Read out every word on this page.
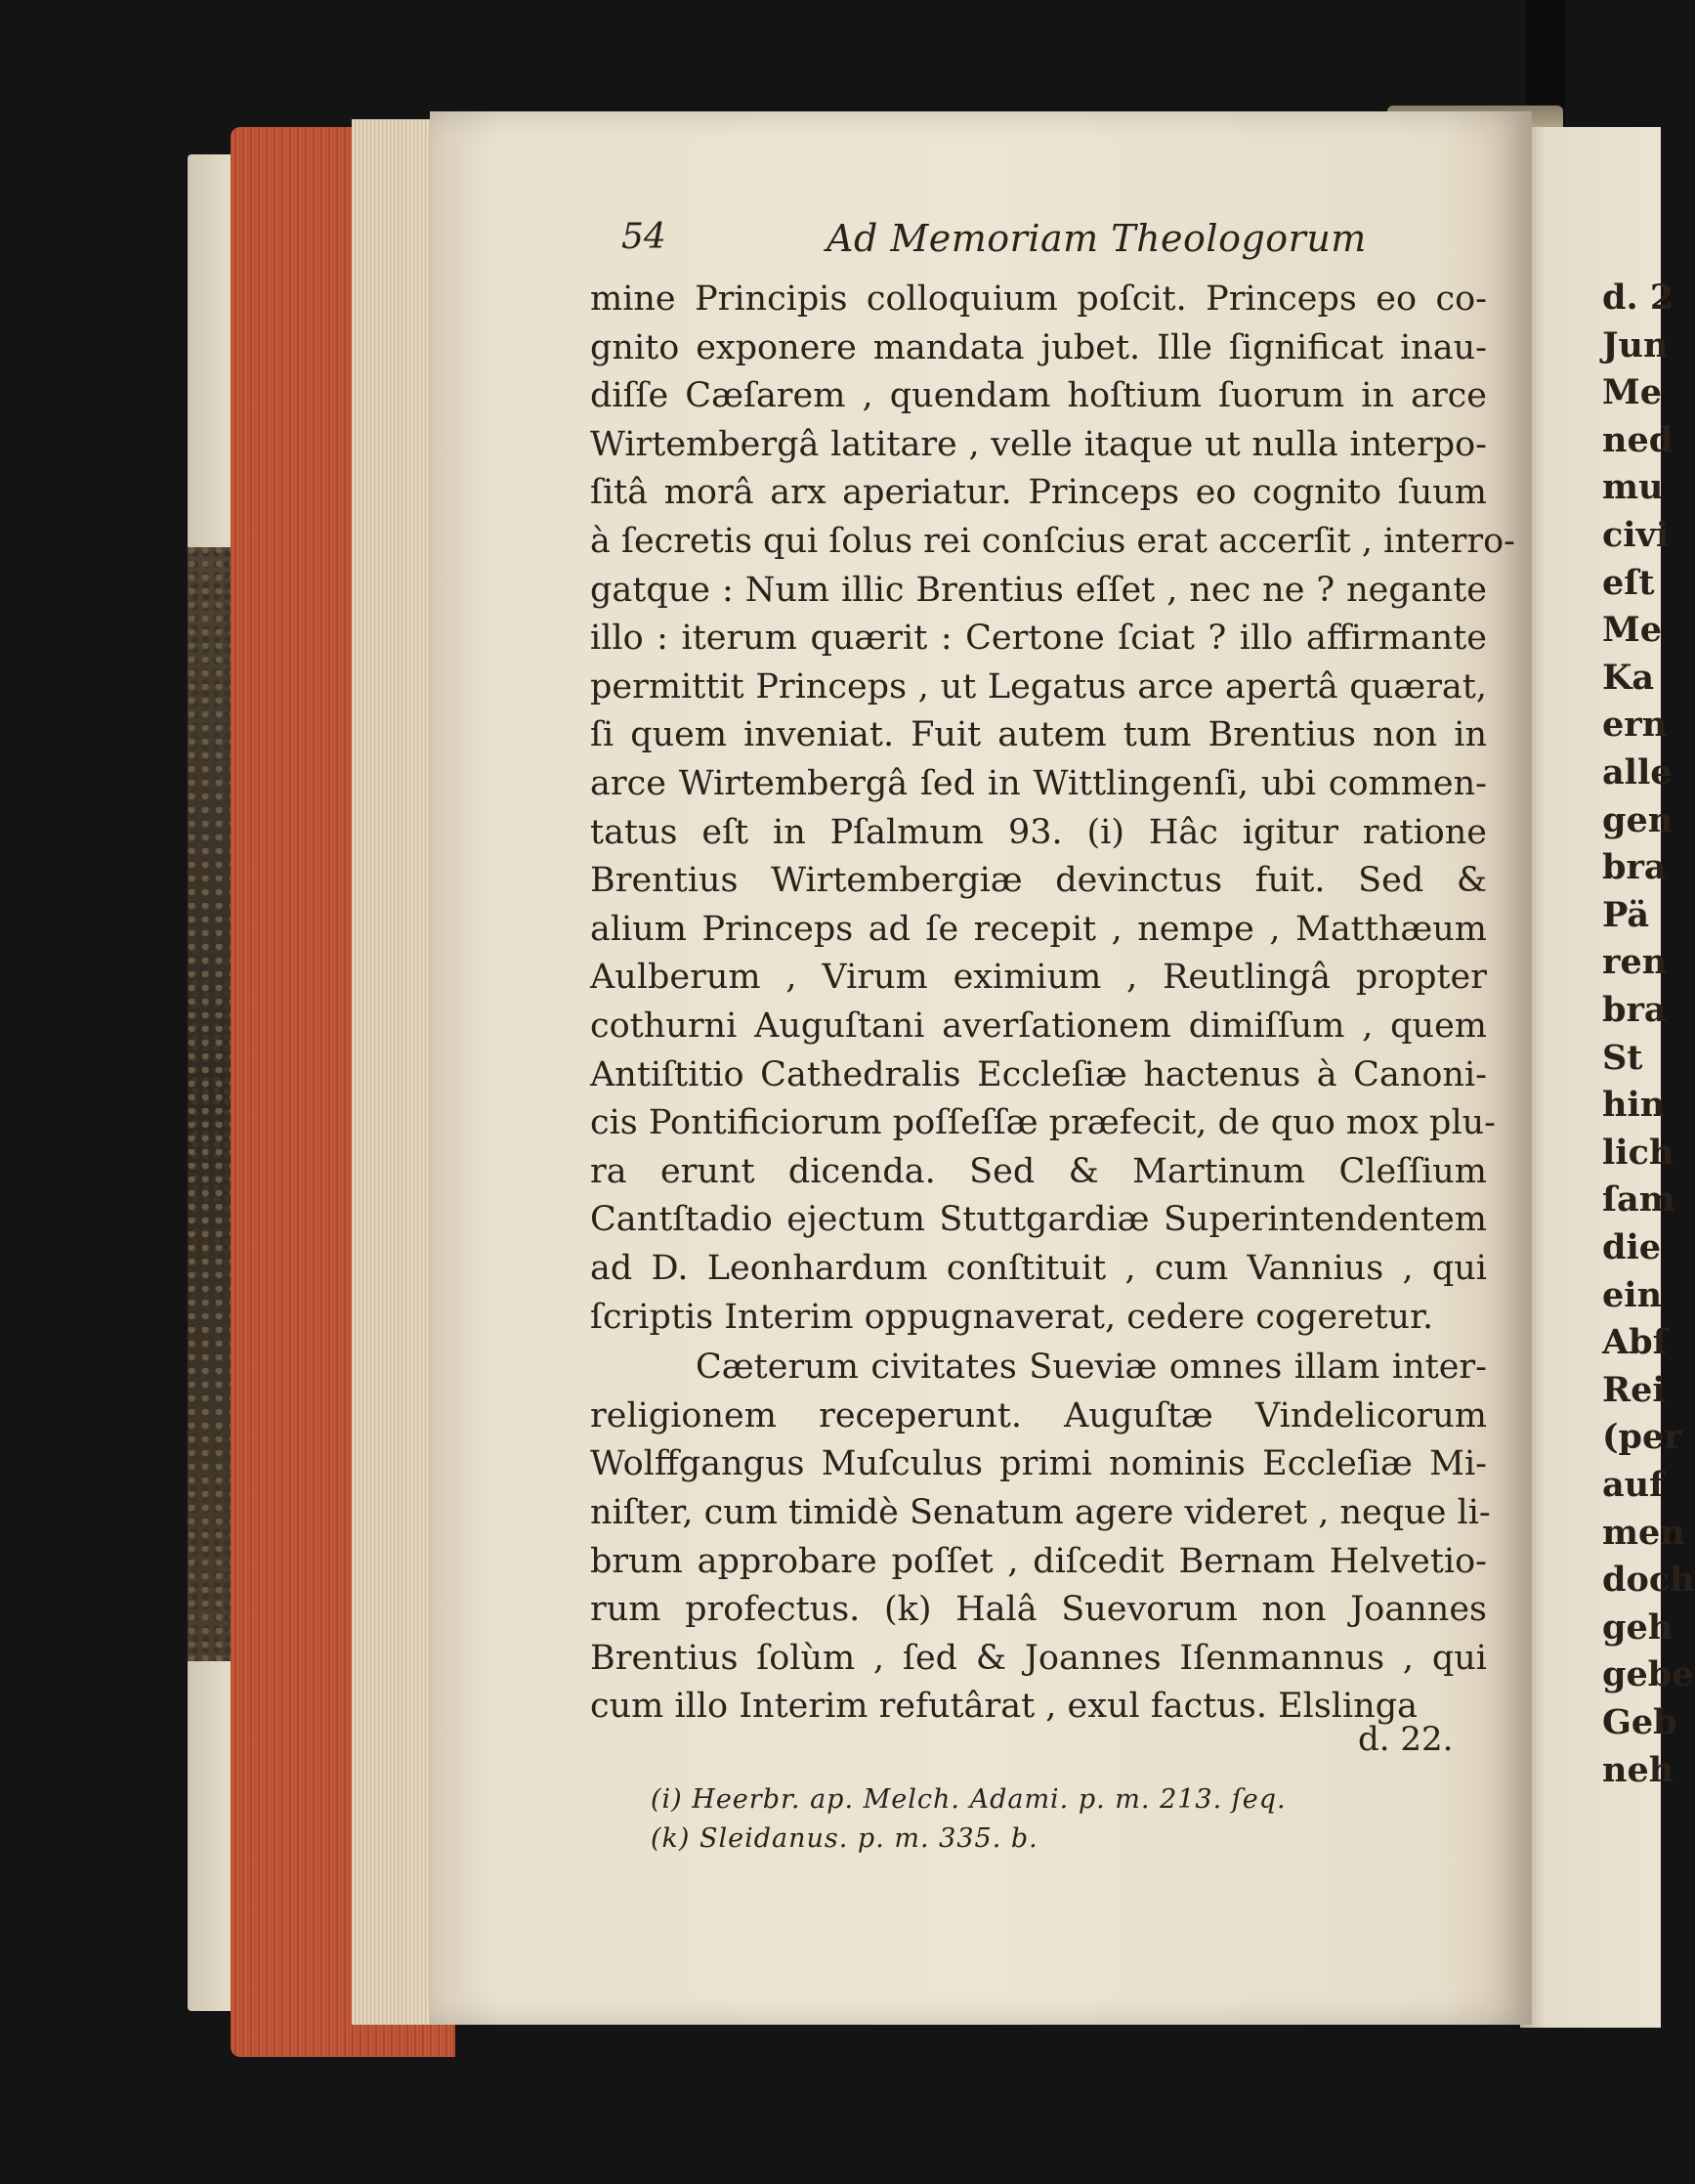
54	Ad Memoriam Theologorum
mine Principis colloquium poſcit. Princeps eo co-
gnito exponere mandata jubet. Ille ſignificat inau-
diſſe Cæſarem , quendam hoſtium ſuorum in arce
Wirtembergâ latitare , velle itaque ut nulla interpo-
ſitâ morâ arx aperiatur. Princeps eo cognito ſuum
à ſecretis qui ſolus rei conſcius erat accerſit , interro-
gatque : Num illic Brentius eſſet , nec ne ? negante
illo : iterum quærit : Certone ſciat ? illo affirmante
permittit Princeps , ut Legatus arce apertâ quærat,
ſi quem inveniat. Fuit autem tum Brentius non in
arce Wirtembergâ ſed in Wittlingenſi, ubi commen-
tatus eſt in Pſalmum 93. (i) Hâc igitur ratione
Brentius Wirtembergiæ devinctus fuit. Sed &
alium Princeps ad ſe recepit , nempe , Matthæum
Aulberum , Virum eximium , Reutlingâ propter
cothurni Auguſtani averſationem dimiſſum , quem
Antiſtitio Cathedralis Eccleſiæ hactenus à Canoni-
cis Pontificiorum poſſeſſæ præfecit, de quo mox plu-
ra erunt dicenda. Sed & Martinum Cleſſium
Cantſtadio ejectum Stuttgardiæ Superintendentem
ad D. Leonhardum conſtituit , cum Vannius , qui
ſcriptis Interim oppugnaverat, cedere cogeretur.
Cæterum civitates Sueviæ omnes illam inter-
religionem receperunt. Auguſtæ Vindelicorum
Wolffgangus Muſculus primi nominis Eccleſiæ Mi-
niſter, cum timidè Senatum agere videret , neque li-
brum approbare poſſet , diſcedit Bernam Helvetio-
rum profectus. (k) Halâ Suevorum non Joannes
Brentius ſolùm , ſed & Joannes Iſenmannus , qui
cum illo Interim refutârat , exul factus. Elslinga
d. 22.
(i) Heerbr. ap. Melch. Adami. p. m. 213. ſeq.
(k) Sleidanus. p. m. 335. b.
d. 2
Jun
Me
ned
mu
civi
eſt
Me
Ka
ern
alle
gen
bra
Pä
ren
bra
St
hin
lich
ſam
die
ein
Abſ
Rei
(per
auf
men
doch
geh
gebe
Geb
neh
